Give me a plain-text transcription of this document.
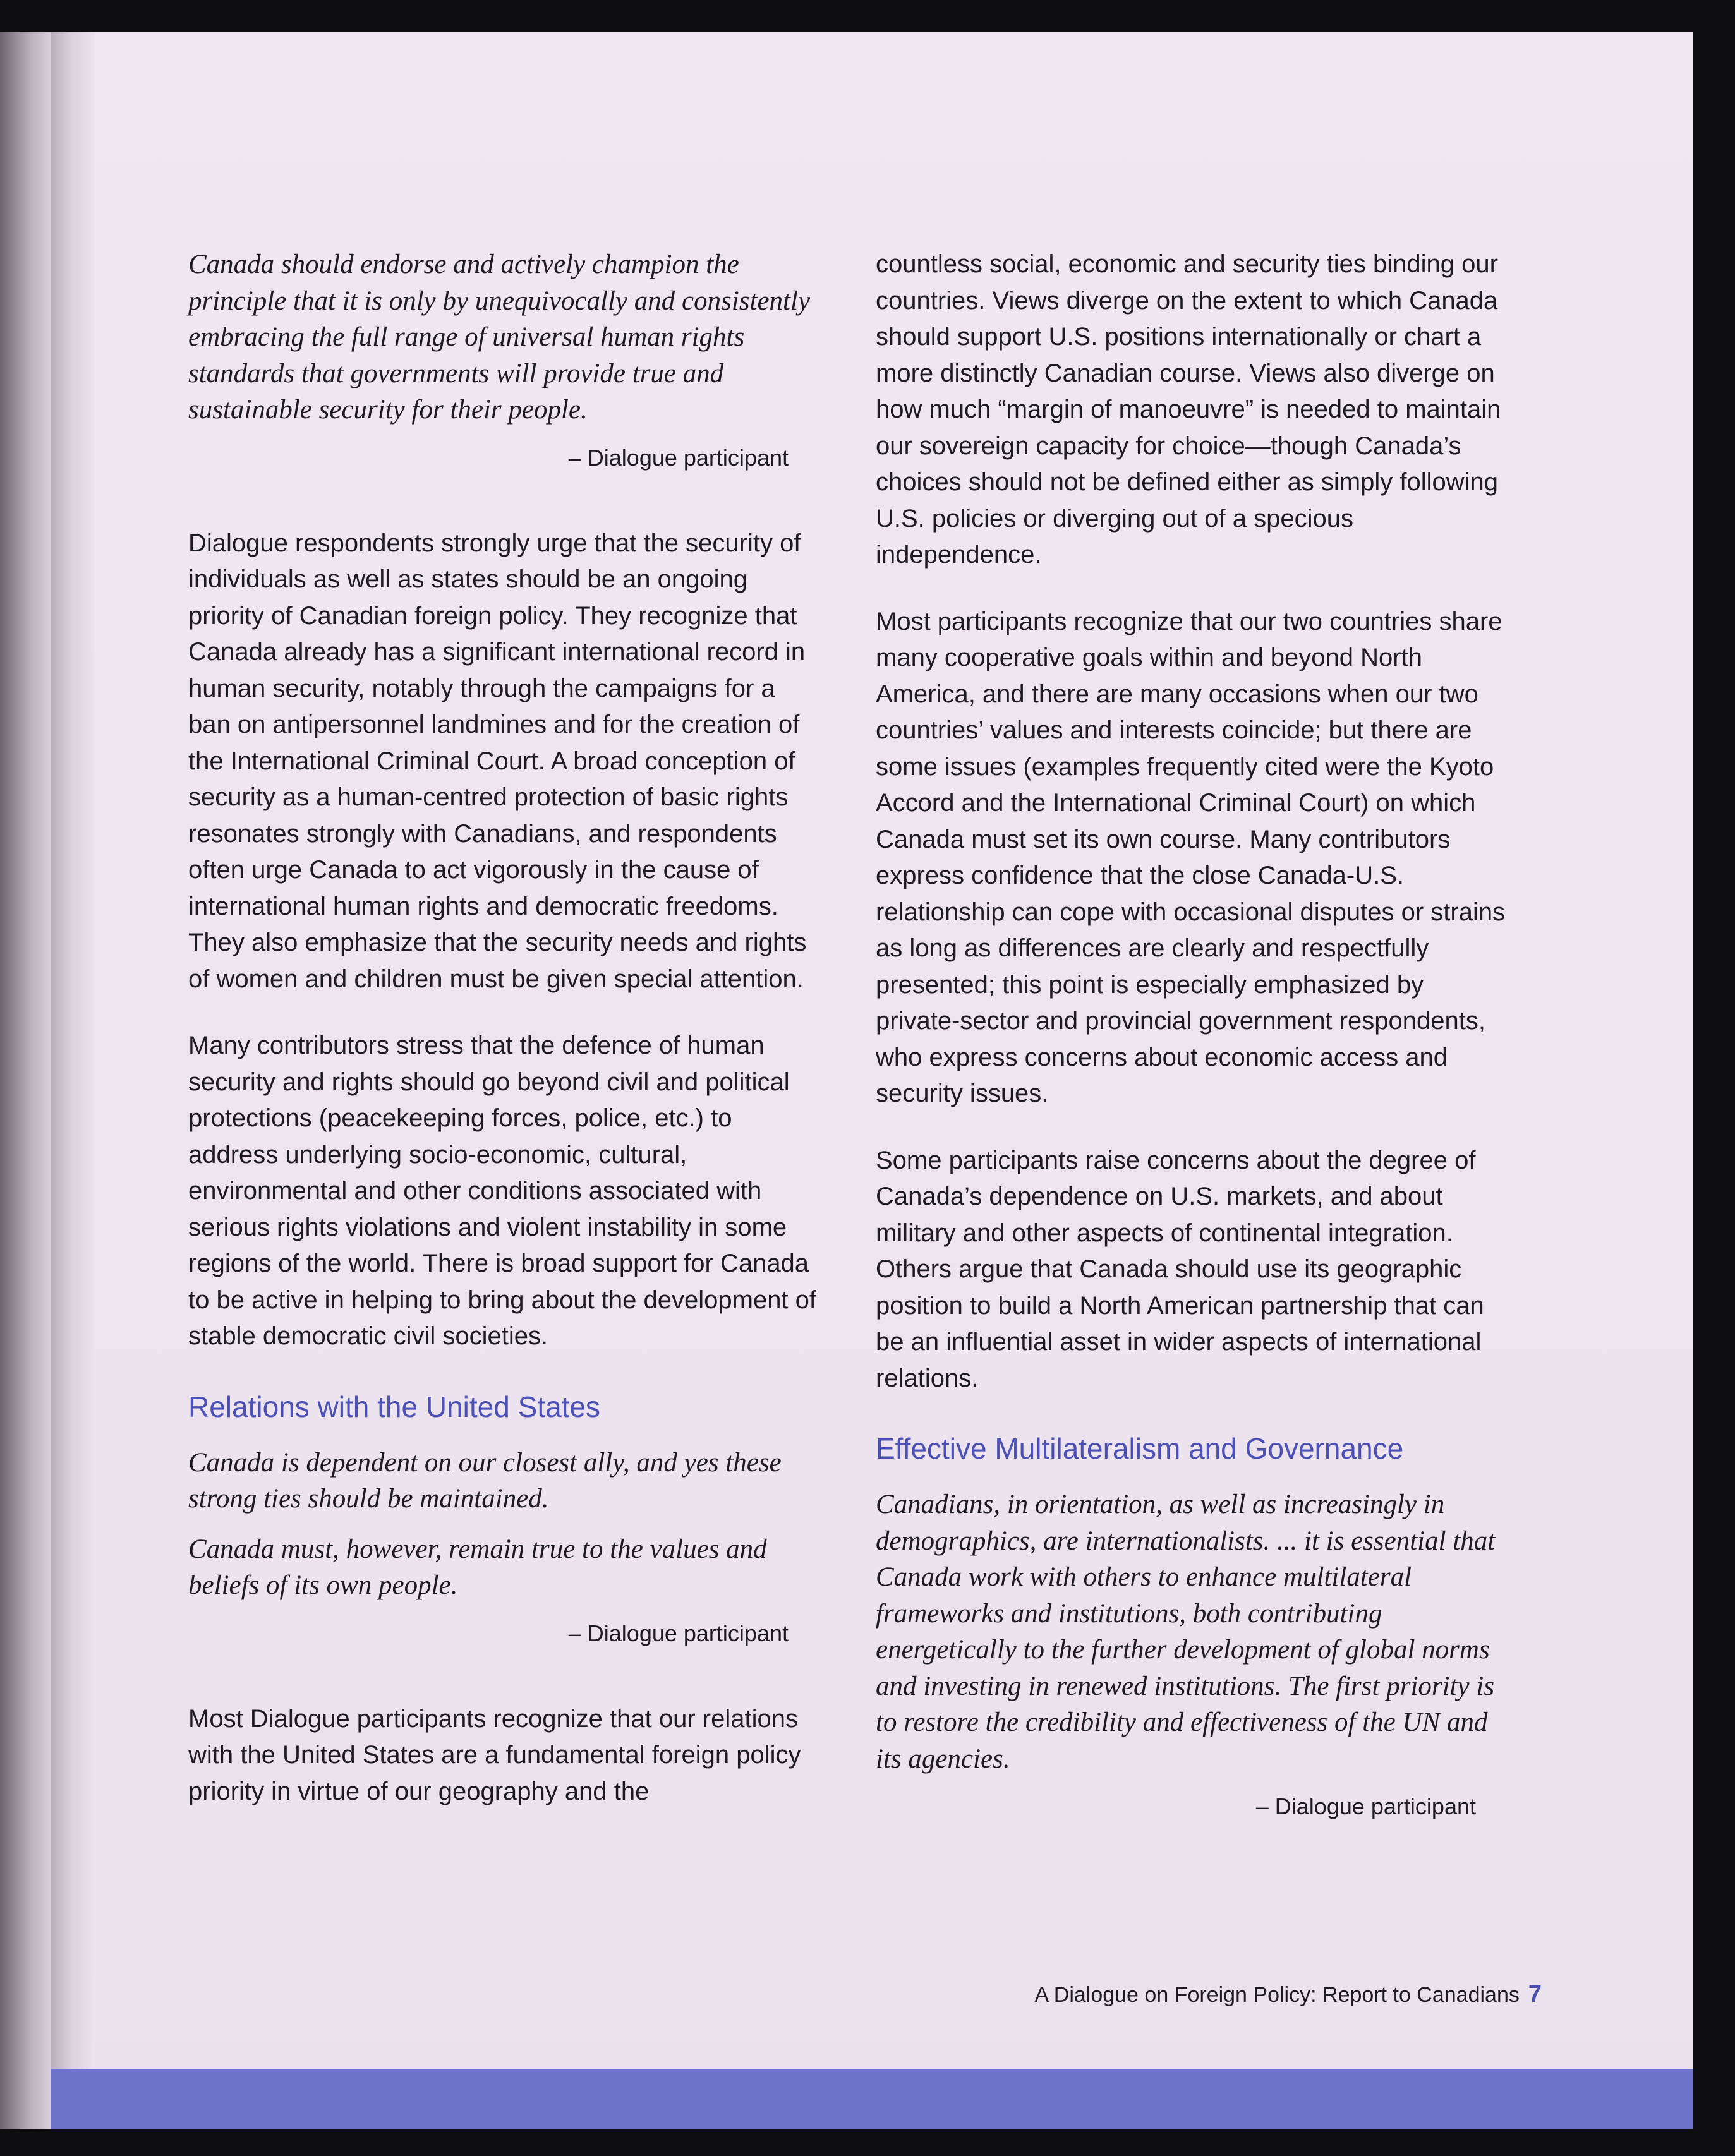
Canada should endorse and actively champion the principle that it is only by unequivocally and consistently embracing the full range of universal human rights standards that governments will provide true and sustainable security for their people.

– Dialogue participant

Dialogue respondents strongly urge that the security of individuals as well as states should be an ongoing priority of Canadian foreign policy. They recognize that Canada already has a significant international record in human security, notably through the campaigns for a ban on antipersonnel landmines and for the creation of the International Criminal Court. A broad conception of security as a human-centred protection of basic rights resonates strongly with Canadians, and respondents often urge Canada to act vigorously in the cause of international human rights and democratic freedoms. They also emphasize that the security needs and rights of women and children must be given special attention.

Many contributors stress that the defence of human security and rights should go beyond civil and political protections (peacekeeping forces, police, etc.) to address underlying socio-economic, cultural, environmental and other conditions associated with serious rights violations and violent instability in some regions of the world. There is broad support for Canada to be active in helping to bring about the development of stable democratic civil societies.

Relations with the United States

Canada is dependent on our closest ally, and yes these strong ties should be maintained.

Canada must, however, remain true to the values and beliefs of its own people.

– Dialogue participant

Most Dialogue participants recognize that our relations with the United States are a fundamental foreign policy priority in virtue of our geography and the

countless social, economic and security ties binding our countries. Views diverge on the extent to which Canada should support U.S. positions internationally or chart a more distinctly Canadian course. Views also diverge on how much “margin of manoeuvre” is needed to maintain our sovereign capacity for choice—though Canada’s choices should not be defined either as simply following U.S. policies or diverging out of a specious independence.

Most participants recognize that our two countries share many cooperative goals within and beyond North America, and there are many occasions when our two countries’ values and interests coincide; but there are some issues (examples frequently cited were the Kyoto Accord and the International Criminal Court) on which Canada must set its own course. Many contributors express confidence that the close Canada-U.S. relationship can cope with occasional disputes or strains as long as differences are clearly and respectfully presented; this point is especially emphasized by private-sector and provincial government respondents, who express concerns about economic access and security issues.

Some participants raise concerns about the degree of Canada’s dependence on U.S. markets, and about military and other aspects of continental integration. Others argue that Canada should use its geographic position to build a North American partnership that can be an influential asset in wider aspects of international relations.

Effective Multilateralism and Governance

Canadians, in orientation, as well as increasingly in demographics, are internationalists. ... it is essential that Canada work with others to enhance multilateral frameworks and institutions, both contributing energetically to the further development of global norms and investing in renewed institutions. The first priority is to restore the credibility and effectiveness of the UN and its agencies.

– Dialogue participant

A Dialogue on Foreign Policy: Report to Canadians 7
